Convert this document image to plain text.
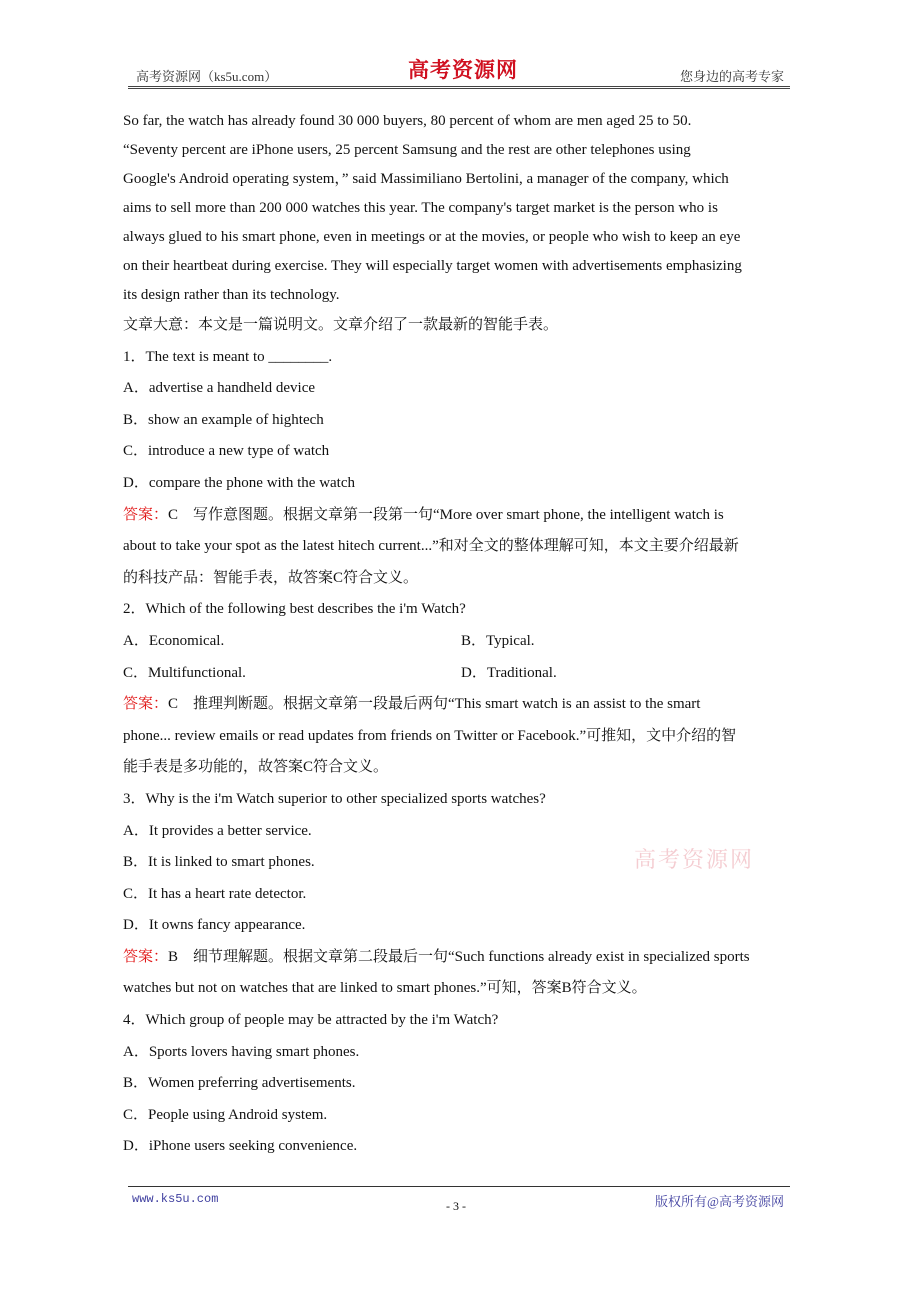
高考资源网（ks5u.com）	高考资源网	您身边的高考专家
So far, the watch has already found 30 000 buyers, 80 percent of whom are men aged 25 to 50.
“Seventy percent are iPhone users, 25 percent Samsung and the rest are other telephones using
Google's Android operating system，” said Massimiliano Bertolini, a manager of the company, which
aims to sell more than 200 000 watches this year. The company's target market is the person who is
always glued to his smart phone, even in meetings or at the movies, or people who wish to keep an eye
on their heartbeat during exercise. They will especially target women with advertisements emphasizing
its design rather than its technology.
文章大意：本文是一篇说明文。文章介绍了一款最新的智能手表。
1．The text is meant to ________.
A．advertise a handheld device
B．show an example of hightech
C．introduce a new type of watch
D．compare the phone with the watch
答案：C　写作意图题。根据文章第一段第一句“More over smart phone, the intelligent watch is
about to take your spot as the latest hitech current...”和对全文的整体理解可知，本文主要介绍最新
的科技产品：智能手表，故答案C符合文义。
2．Which of the following best describes the i'm Watch?
A．Economical.	B．Typical.
C．Multifunctional.	D．Traditional.
答案：C　推理判断题。根据文章第一段最后两句“This smart watch is an assist to the smart
phone... review emails or read updates from friends on Twitter or Facebook.”可推知，文中介绍的智
能手表是多功能的，故答案C符合文义。
3．Why is the i'm Watch superior to other specialized sports watches?
A．It provides a better service.
B．It is linked to smart phones.
C．It has a heart rate detector.
D．It owns fancy appearance.
答案：B　细节理解题。根据文章第二段最后一句“Such functions already exist in specialized sports
watches but not on watches that are linked to smart phones.”可知，答案B符合文义。
4．Which group of people may be attracted by the i'm Watch?
A．Sports lovers having smart phones.
B．Women preferring advertisements.
C．People using Android system.
D．iPhone users seeking convenience.
高考资源网
www.ks5u.com	- 3 -	版权所有@高考资源网
